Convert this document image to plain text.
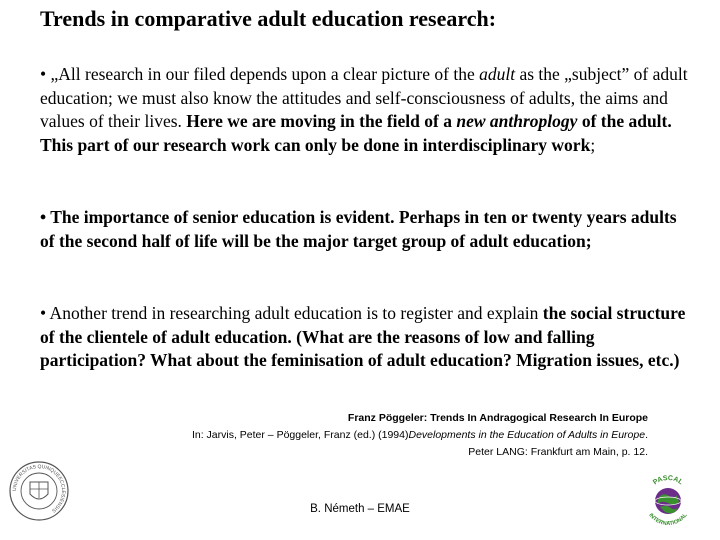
Trends in comparative adult education research:
• „All research in our filed depends upon a clear picture of the adult as the „subject” of adult education; we must also know the attitudes and self-consciousness of adults, the aims and values of their lives. Here we are moving in the field of a new anthroplogy of the adult. This part of our research work can only be done in interdisciplinary work;
• The importance of senior education is evident. Perhaps in ten or twenty years adults of the second half of life will be the major target group of adult education;
• Another trend in researching adult education is to register and explain the social structure of the clientele of adult education. (What are the reasons of low and falling participation? What about the feminisation of adult education? Migration issues, etc.)
Franz Pöggeler: Trends In Andragogical Research In Europe
In: Jarvis, Peter – Pöggeler, Franz (ed.) (1994)Developments in the Education of Adults in Europe.
Peter LANG: Frankfurt am Main, p. 12.
UNIVERSITAS QUINQUEECCLESIENSIS
PASCAL
INTERNATIONAL
B. Németh – EMAE
